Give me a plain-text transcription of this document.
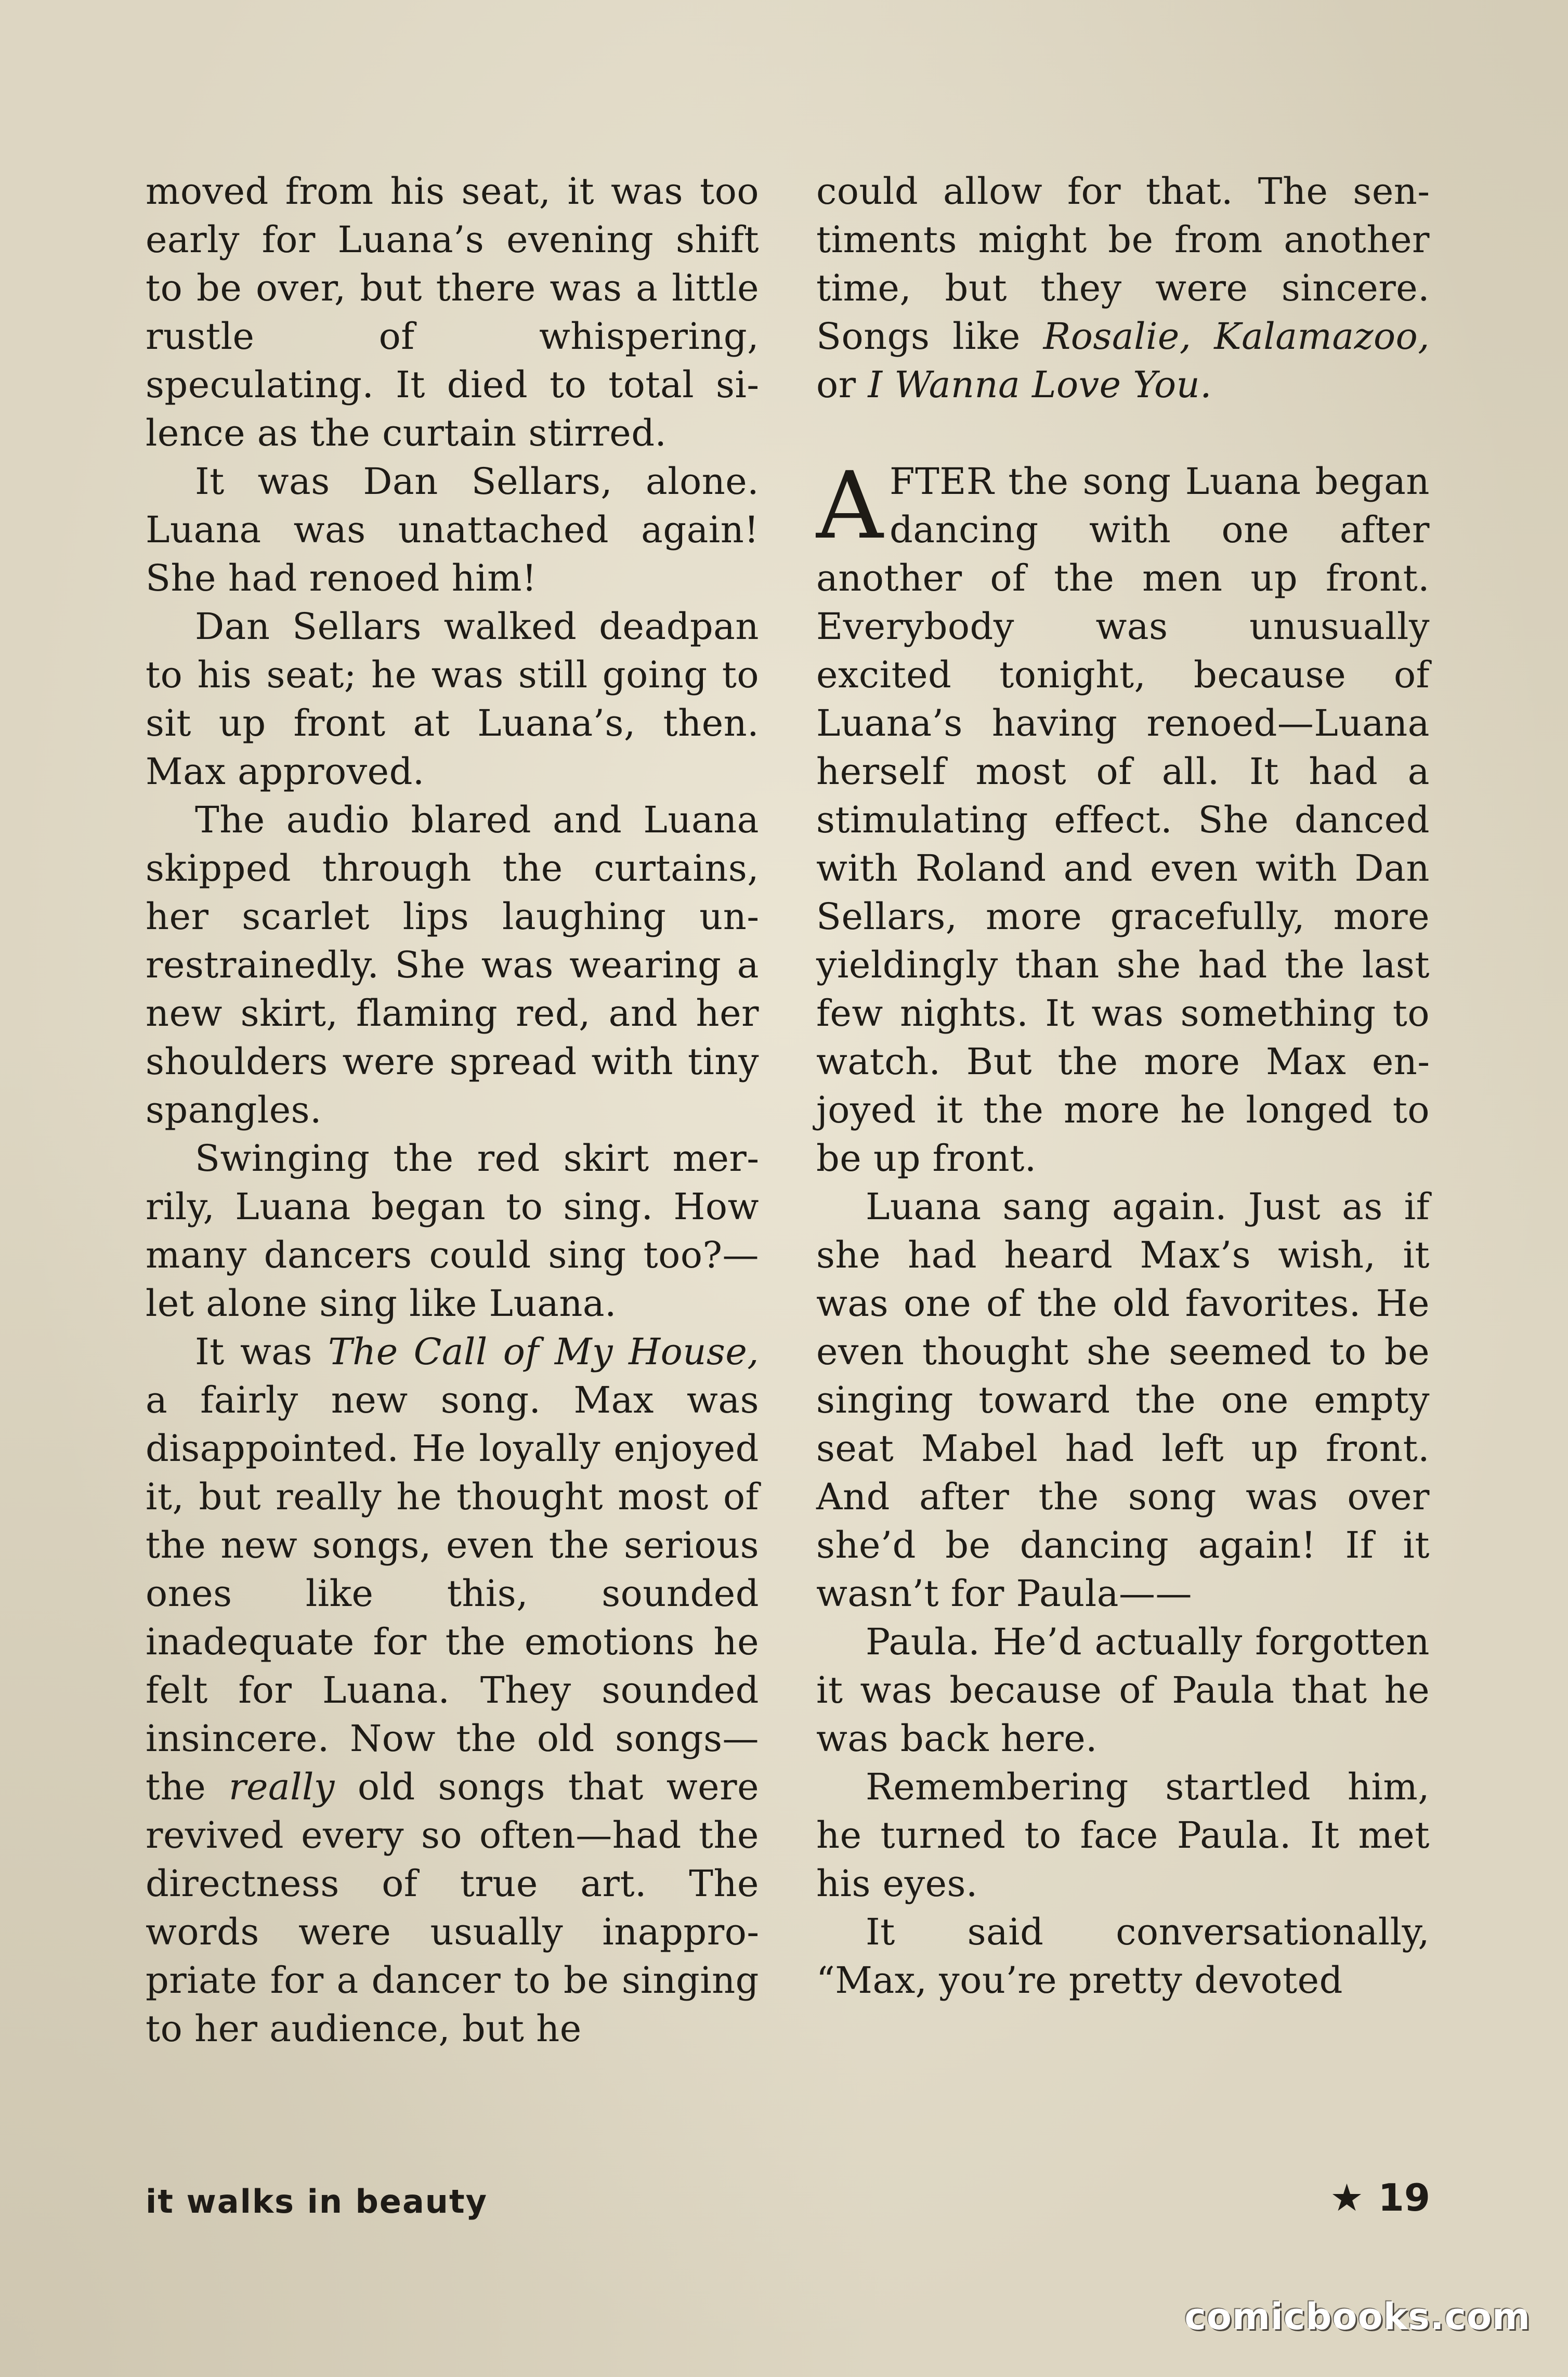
moved from his seat, it was too early for Luana’s evening shift to be over, but there was a little rustle of whispering, speculating. It died to total silence as the curtain stirred.

It was Dan Sellars, alone. Luana was unattached again! She had renoed him!

Dan Sellars walked deadpan to his seat; he was still going to sit up front at Luana’s, then. Max approved.

The audio blared and Luana skipped through the curtains, her scarlet lips laughing unrestrainedly. She was wearing a new skirt, flaming red, and her shoulders were spread with tiny spangles.

Swinging the red skirt merrily, Luana began to sing. How many dancers could sing too?—let alone sing like Luana.

It was The Call of My House, a fairly new song. Max was disappointed. He loyally enjoyed it, but really he thought most of the new songs, even the serious ones like this, sounded inadequate for the emotions he felt for Luana. They sounded insincere. Now the old songs—the really old songs that were revived every so often—had the directness of true art. The words were usually inappropriate for a dancer to be singing to her audience, but he

could allow for that. The sentiments might be from another time, but they were sincere. Songs like Rosalie, Kalamazoo, or I Wanna Love You.

AFTER the song Luana began dancing with one after another of the men up front. Everybody was unusually excited tonight, because of Luana’s having renoed—Luana herself most of all. It had a stimulating effect. She danced with Roland and even with Dan Sellars, more gracefully, more yieldingly than she had the last few nights. It was something to watch. But the more Max enjoyed it the more he longed to be up front.

Luana sang again. Just as if she had heard Max’s wish, it was one of the old favorites. He even thought she seemed to be singing toward the one empty seat Mabel had left up front. And after the song was over she’d be dancing again! If it wasn’t for Paula——

Paula. He’d actually forgotten it was because of Paula that he was back here.

Remembering startled him, he turned to face Paula. It met his eyes.

It said conversationally, “Max, you’re pretty devoted

it walks in beauty	★ 19
comicbooks.com
